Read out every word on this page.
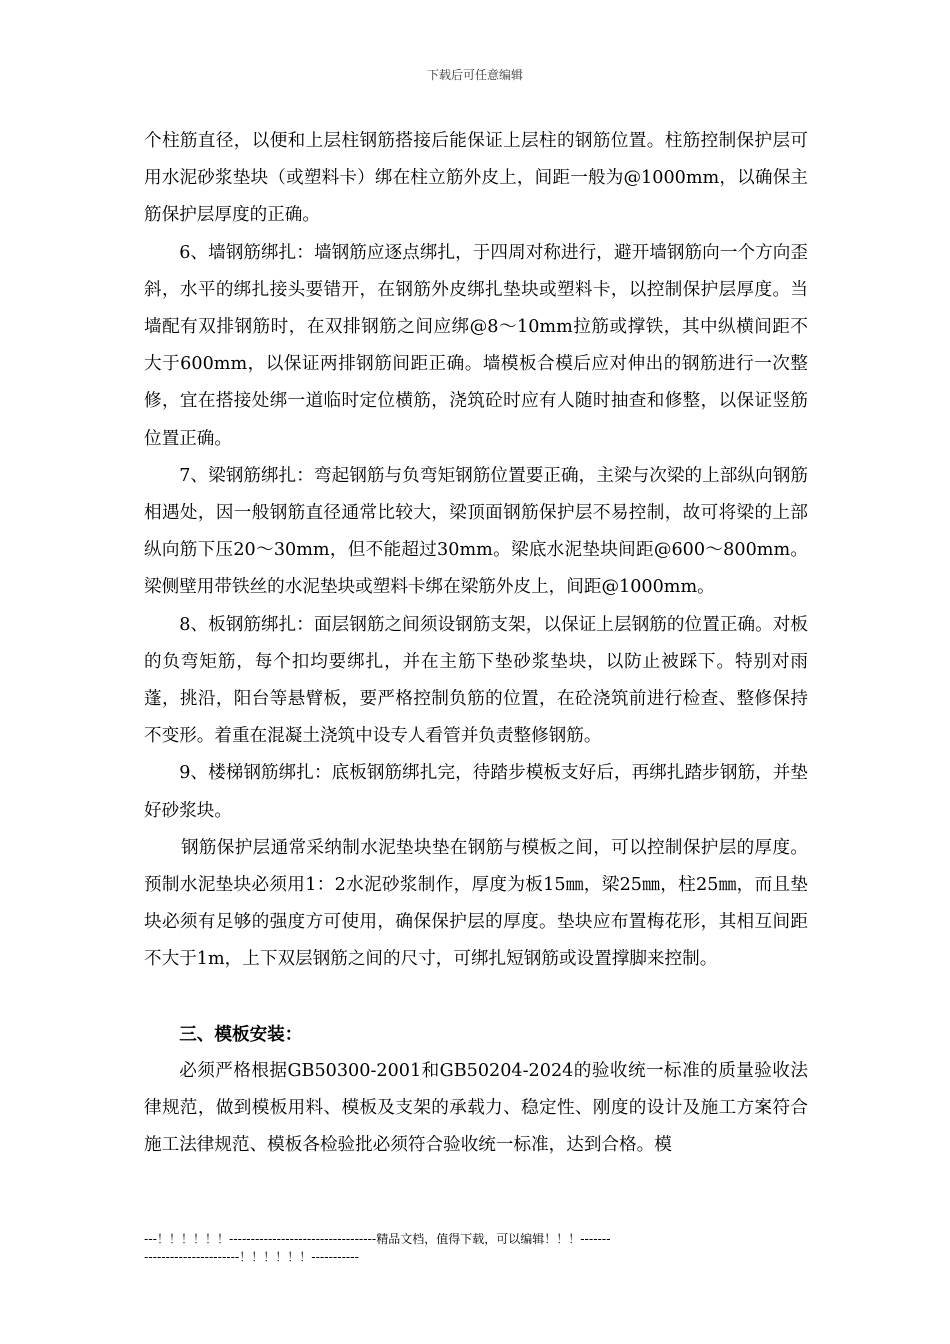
下载后可任意编辑

个柱筋直径，以便和上层柱钢筋搭接后能保证上层柱的钢筋位置。柱筋控制保护层可用水泥砂浆垫块（或塑料卡）绑在柱立筋外皮上，间距一般为@1000mm，以确保主筋保护层厚度的正确。

6、墙钢筋绑扎：墙钢筋应逐点绑扎，于四周对称进行，避开墙钢筋向一个方向歪斜，水平的绑扎接头要错开，在钢筋外皮绑扎垫块或塑料卡，以控制保护层厚度。当墙配有双排钢筋时，在双排钢筋之间应绑@8～10mm拉筋或撑铁，其中纵横间距不大于600mm，以保证两排钢筋间距正确。墙模板合模后应对伸出的钢筋进行一次整修，宜在搭接处绑一道临时定位横筋，浇筑砼时应有人随时抽查和修整，以保证竖筋位置正确。

7、梁钢筋绑扎：弯起钢筋与负弯矩钢筋位置要正确，主梁与次梁的上部纵向钢筋相遇处，因一般钢筋直径通常比较大，梁顶面钢筋保护层不易控制，故可将梁的上部纵向筋下压20～30mm，但不能超过30mm。梁底水泥垫块间距@600～800mm。梁侧壁用带铁丝的水泥垫块或塑料卡绑在梁筋外皮上，间距@1000mm。

8、板钢筋绑扎：面层钢筋之间须设钢筋支架，以保证上层钢筋的位置正确。对板的负弯矩筋，每个扣均要绑扎，并在主筋下垫砂浆垫块，以防止被踩下。特别对雨蓬，挑沿，阳台等悬臂板，要严格控制负筋的位置，在砼浇筑前进行检查、整修保持不变形。着重在混凝土浇筑中设专人看管并负责整修钢筋。

9、楼梯钢筋绑扎：底板钢筋绑扎完，待踏步模板支好后，再绑扎踏步钢筋，并垫好砂浆块。

钢筋保护层通常采纳制水泥垫块垫在钢筋与模板之间，可以控制保护层的厚度。预制水泥垫块必须用1：2水泥砂浆制作，厚度为板15㎜，梁25㎜，柱25㎜，而且垫块必须有足够的强度方可使用，确保保护层的厚度。垫块应布置梅花形，其相互间距不大于1m，上下双层钢筋之间的尺寸，可绑扎短钢筋或设置撑脚来控制。

三、模板安装：

必须严格根据GB50300-2001和GB50204-2024的验收统一标准的质量验收法律规范，做到模板用料、模板及支架的承载力、稳定性、刚度的设计及施工方案符合施工法律规范、模板各检验批必须符合验收统一标准，达到合格。模

---！！！！！！----------------------------------精品文档，值得下载，可以编辑！！！-----------------------------！！！！！！-----------
